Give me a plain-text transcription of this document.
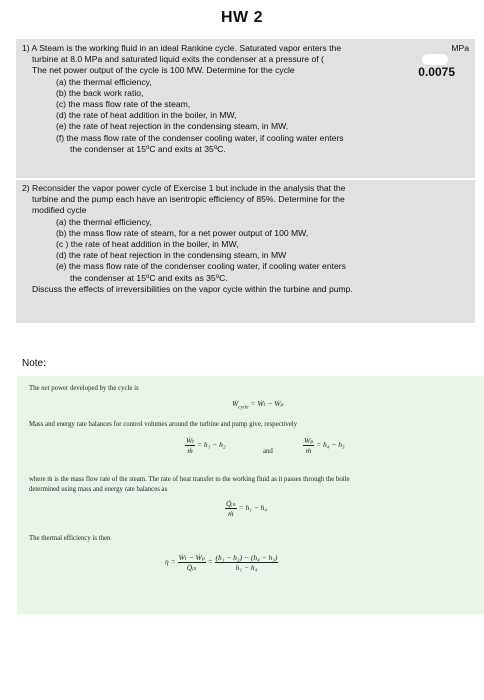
HW 2
1) A Steam is the working fluid in an ideal Rankine cycle. Saturated vapor enters the
turbine at 8.0 MPa and saturated liquid exits the condenser at a pressure of (
MPa
The net power output of the cycle is 100 MW. Determine for the cycle	0.0075
(a) the thermal efficiency,
(b) the back work ratio,
(c) the mass flow rate of the steam,
(d) the rate of heat addition in the boiler, in MW,
(e) the rate of heat rejection in the condensing steam, in MW,
(f) the mass flow rate of the condenser cooling water, if cooling water enters
the condenser at 15$^o$C and exits at 35$^o$C.
2) Reconsider the vapor power cycle of Exercise 1 but include in the analysis that the
turbine and the pump each have an isentropic efficiency of 85%. Determine for the
modified cycle
(a) the thermal efficiency,
(b) the mass flow rate of steam, for a net power output of 100 MW,
(c ) the rate of heat addition in the boiler, in MW,
(d) the rate of heat rejection in the condensing steam, in MW
(e) the mass flow rate of the condenser cooling water, if cooling water enters
the condenser at 15$^o$C and exits as 35$^o$C.
Discuss the effects of irreversibilities on the vapor cycle within the turbine and pump.
Note:
The net power developed by the cycle is
Ẇ$_{cycle}$ = Ẇₜ − Ẇₚ
Mass and energy rate balances for control volumes around the turbine and pump give, respectively
$\frac{\text{Ẇₜ}}{\text{ṁ}} = h_1 - h_2$
and	$\frac{\text{Ẇₚ}}{\text{ṁ}} = h_4 - h_3$
where ṁ is the mass flow rate of the steam. The rate of heat transfer to the working fluid as it passes through the boile
determined using mass and energy rate balances as
$\frac{\text{Q̇ᵢₙ}}{\text{ṁ}} = h_1 - h_4$
The thermal efficiency is then
$\eta = \frac{\text{Ẇₜ − Ẇₚ}}{\text{Q̇ᵢₙ}} = \frac{\text{(h₁ − h₂) − (h₄ − h₃)}}{\text{h₁ − h₄}}$
